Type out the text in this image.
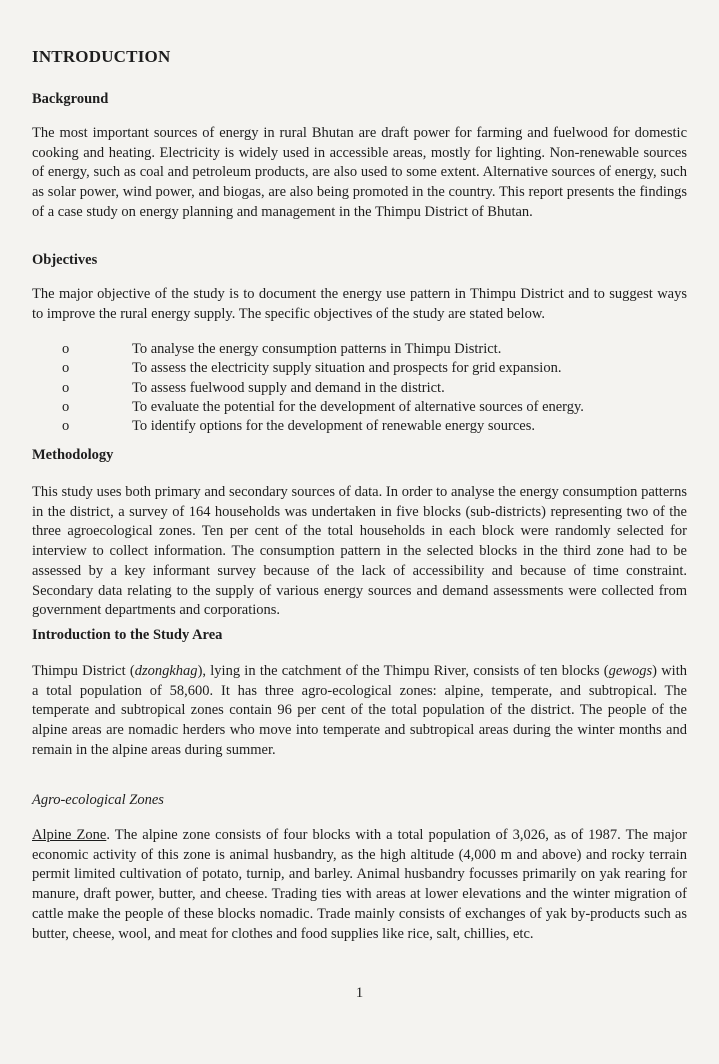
INTRODUCTION
Background
The most important sources of energy in rural Bhutan are draft power for farming and fuelwood for domestic cooking and heating. Electricity is widely used in accessible areas, mostly for lighting. Non-renewable sources of energy, such as coal and petroleum products, are also used to some extent. Alternative sources of energy, such as solar power, wind power, and biogas, are also being promoted in the country. This report presents the findings of a case study on energy planning and management in the Thimpu District of Bhutan.
Objectives
The major objective of the study is to document the energy use pattern in Thimpu District and to suggest ways to improve the rural energy supply. The specific objectives of the study are stated below.
o	To analyse the energy consumption patterns in Thimpu District.
o	To assess the electricity supply situation and prospects for grid expansion.
o	To assess fuelwood supply and demand in the district.
o	To evaluate the potential for the development of alternative sources of energy.
o	To identify options for the development of renewable energy sources.
Methodology
This study uses both primary and secondary sources of data. In order to analyse the energy consumption patterns in the district, a survey of 164 households was undertaken in five blocks (sub-districts) representing two of the three agroecological zones. Ten per cent of the total households in each block were randomly selected for interview to collect information. The consumption pattern in the selected blocks in the third zone had to be assessed by a key informant survey because of the lack of accessibility and because of time constraint. Secondary data relating to the supply of various energy sources and demand assessments were collected from government departments and corporations.
Introduction to the Study Area
Thimpu District (dzongkhag), lying in the catchment of the Thimpu River, consists of ten blocks (gewogs) with a total population of 58,600. It has three agro-ecological zones: alpine, temperate, and subtropical. The temperate and subtropical zones contain 96 per cent of the total population of the district. The people of the alpine areas are nomadic herders who move into temperate and subtropical areas during the winter months and remain in the alpine areas during summer.
Agro-ecological Zones
Alpine Zone. The alpine zone consists of four blocks with a total population of 3,026, as of 1987. The major economic activity of this zone is animal husbandry, as the high altitude (4,000 m and above) and rocky terrain permit limited cultivation of potato, turnip, and barley. Animal husbandry focusses primarily on yak rearing for manure, draft power, butter, and cheese. Trading ties with areas at lower elevations and the winter migration of cattle make the people of these blocks nomadic. Trade mainly consists of exchanges of yak by-products such as butter, cheese, wool, and meat for clothes and food supplies like rice, salt, chillies, etc.
1
